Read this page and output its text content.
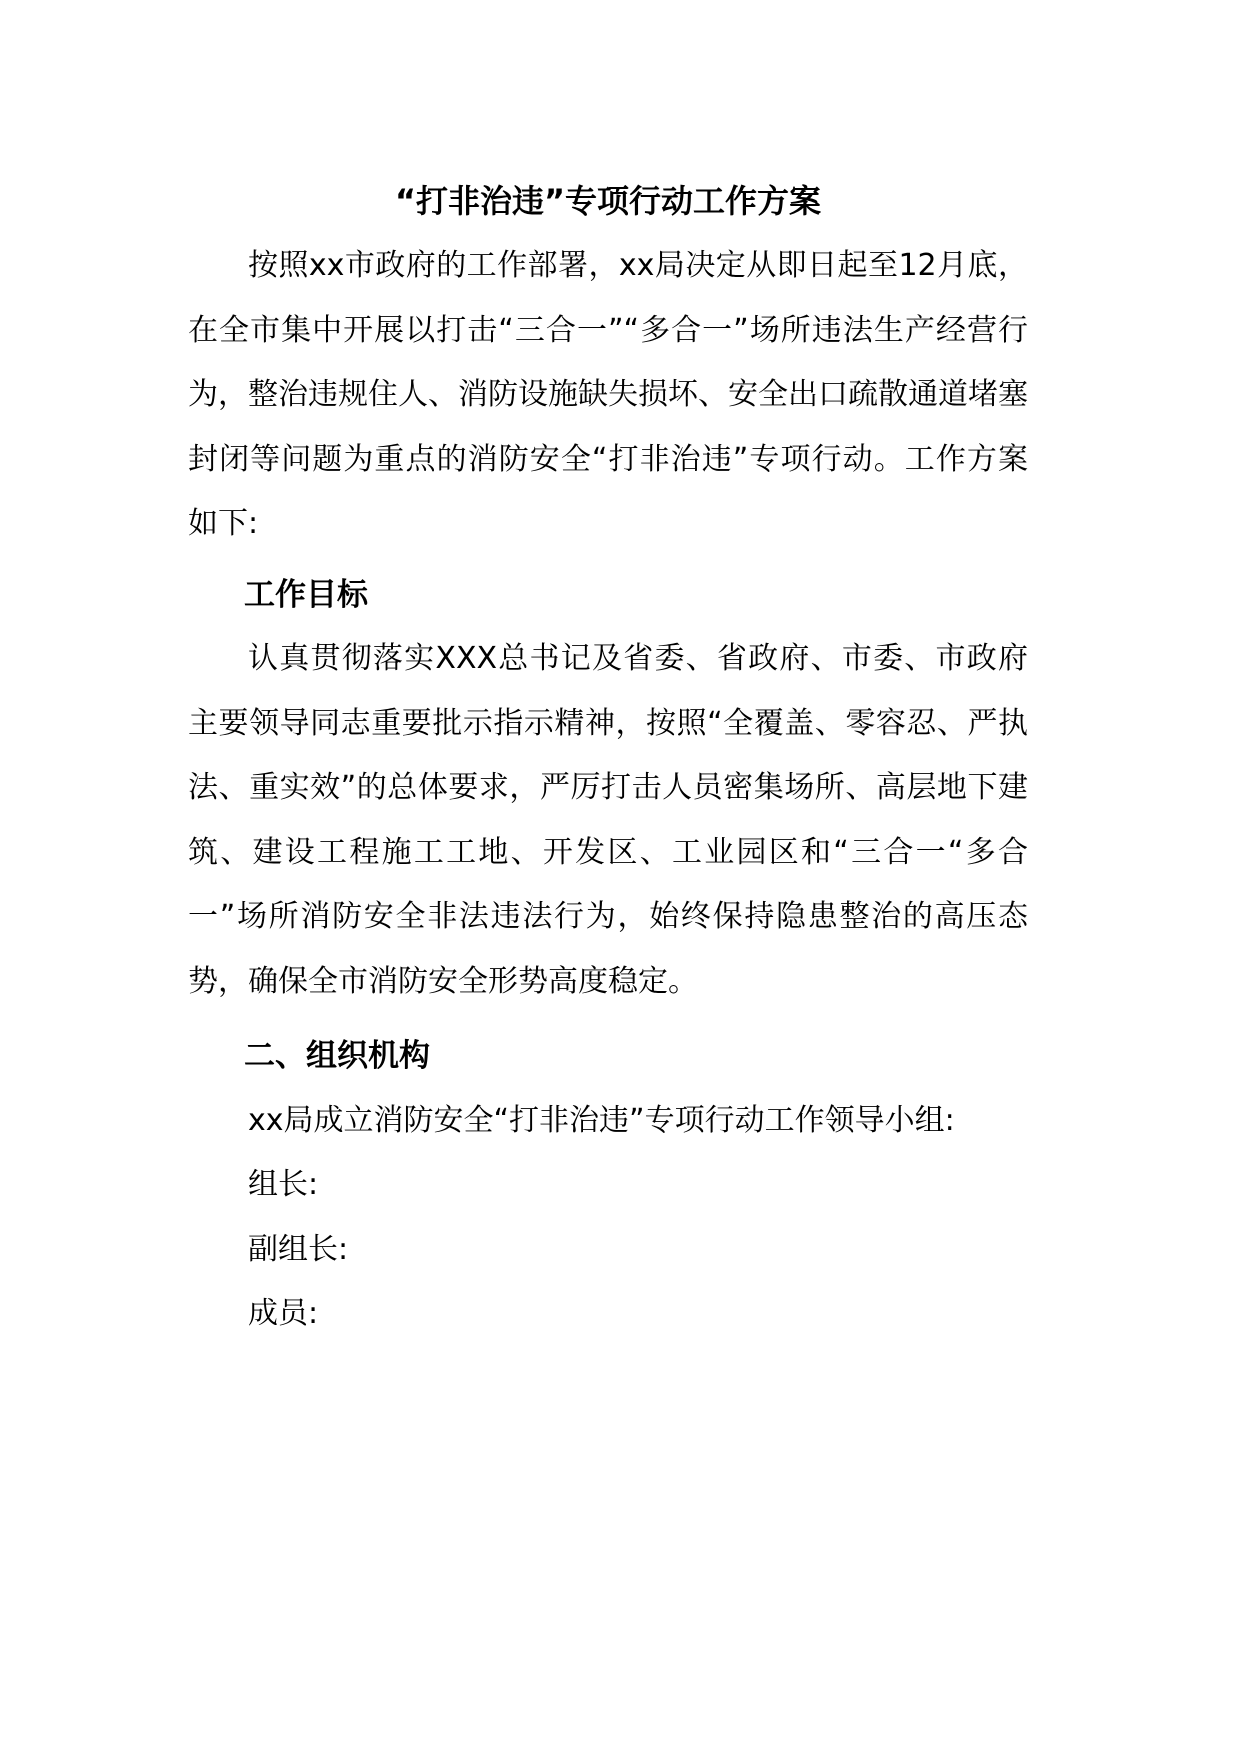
“打非治违”专项行动工作方案

按照xx市政府的工作部署，xx局决定从即日起至12月底，在全市集中开展以打击“三合一”“多合一”场所违法生产经营行为，整治违规住人、消防设施缺失损坏、安全出口疏散通道堵塞封闭等问题为重点的消防安全“打非治违”专项行动。工作方案如下:

工作目标

认真贯彻落实XXX总书记及省委、省政府、市委、市政府主要领导同志重要批示指示精神，按照“全覆盖、零容忍、严执法、重实效”的总体要求，严厉打击人员密集场所、高层地下建筑、建设工程施工工地、开发区、工业园区和“三合一“多合一”场所消防安全非法违法行为，始终保持隐患整治的高压态势，确保全市消防安全形势高度稳定。

二、组织机构

xx局成立消防安全“打非治违”专项行动工作领导小组:

组长:

副组长:

成员:
